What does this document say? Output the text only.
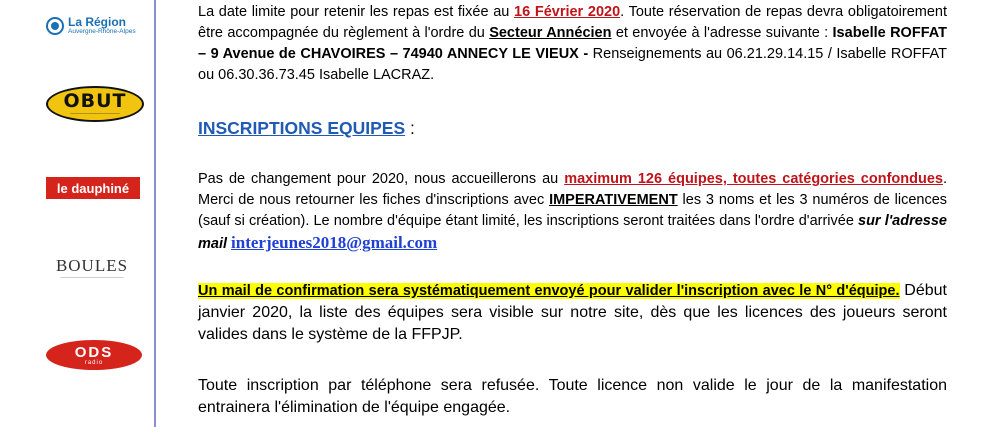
La Région
Auvergne-Rhône-Alpes
OBUT
———————————
le dauphiné
BOULES
——————————————
ODS
radio
La date limite pour retenir les repas est fixée au 16 Février 2020. Toute réservation de repas devra obligatoirement être accompagnée du règlement à l'ordre du Secteur Annécien et envoyée à l'adresse suivante : Isabelle ROFFAT – 9 Avenue de CHAVOIRES – 74940 ANNECY LE VIEUX - Renseignements au 06.21.29.14.15 / Isabelle ROFFAT ou 06.30.36.73.45 Isabelle LACRAZ.
INSCRIPTIONS EQUIPES :
Pas de changement pour 2020, nous accueillerons au maximum 126 équipes, toutes catégories confondues. Merci de nous retourner les fiches d'inscriptions avec IMPERATIVEMENT les 3 noms et les 3 numéros de licences (sauf si création). Le nombre d'équipe étant limité, les inscriptions seront traitées dans l'ordre d'arrivée sur l'adresse mail interjeunes2018@gmail.com
Un mail de confirmation sera systématiquement envoyé pour valider l'inscription avec le N° d'équipe. Début janvier 2020, la liste des équipes sera visible sur notre site, dès que les licences des joueurs seront valides dans le système de la FFPJP.
Toute inscription par téléphone sera refusée. Toute licence non valide le jour de la manifestation entrainera l'élimination de l'équipe engagée.
